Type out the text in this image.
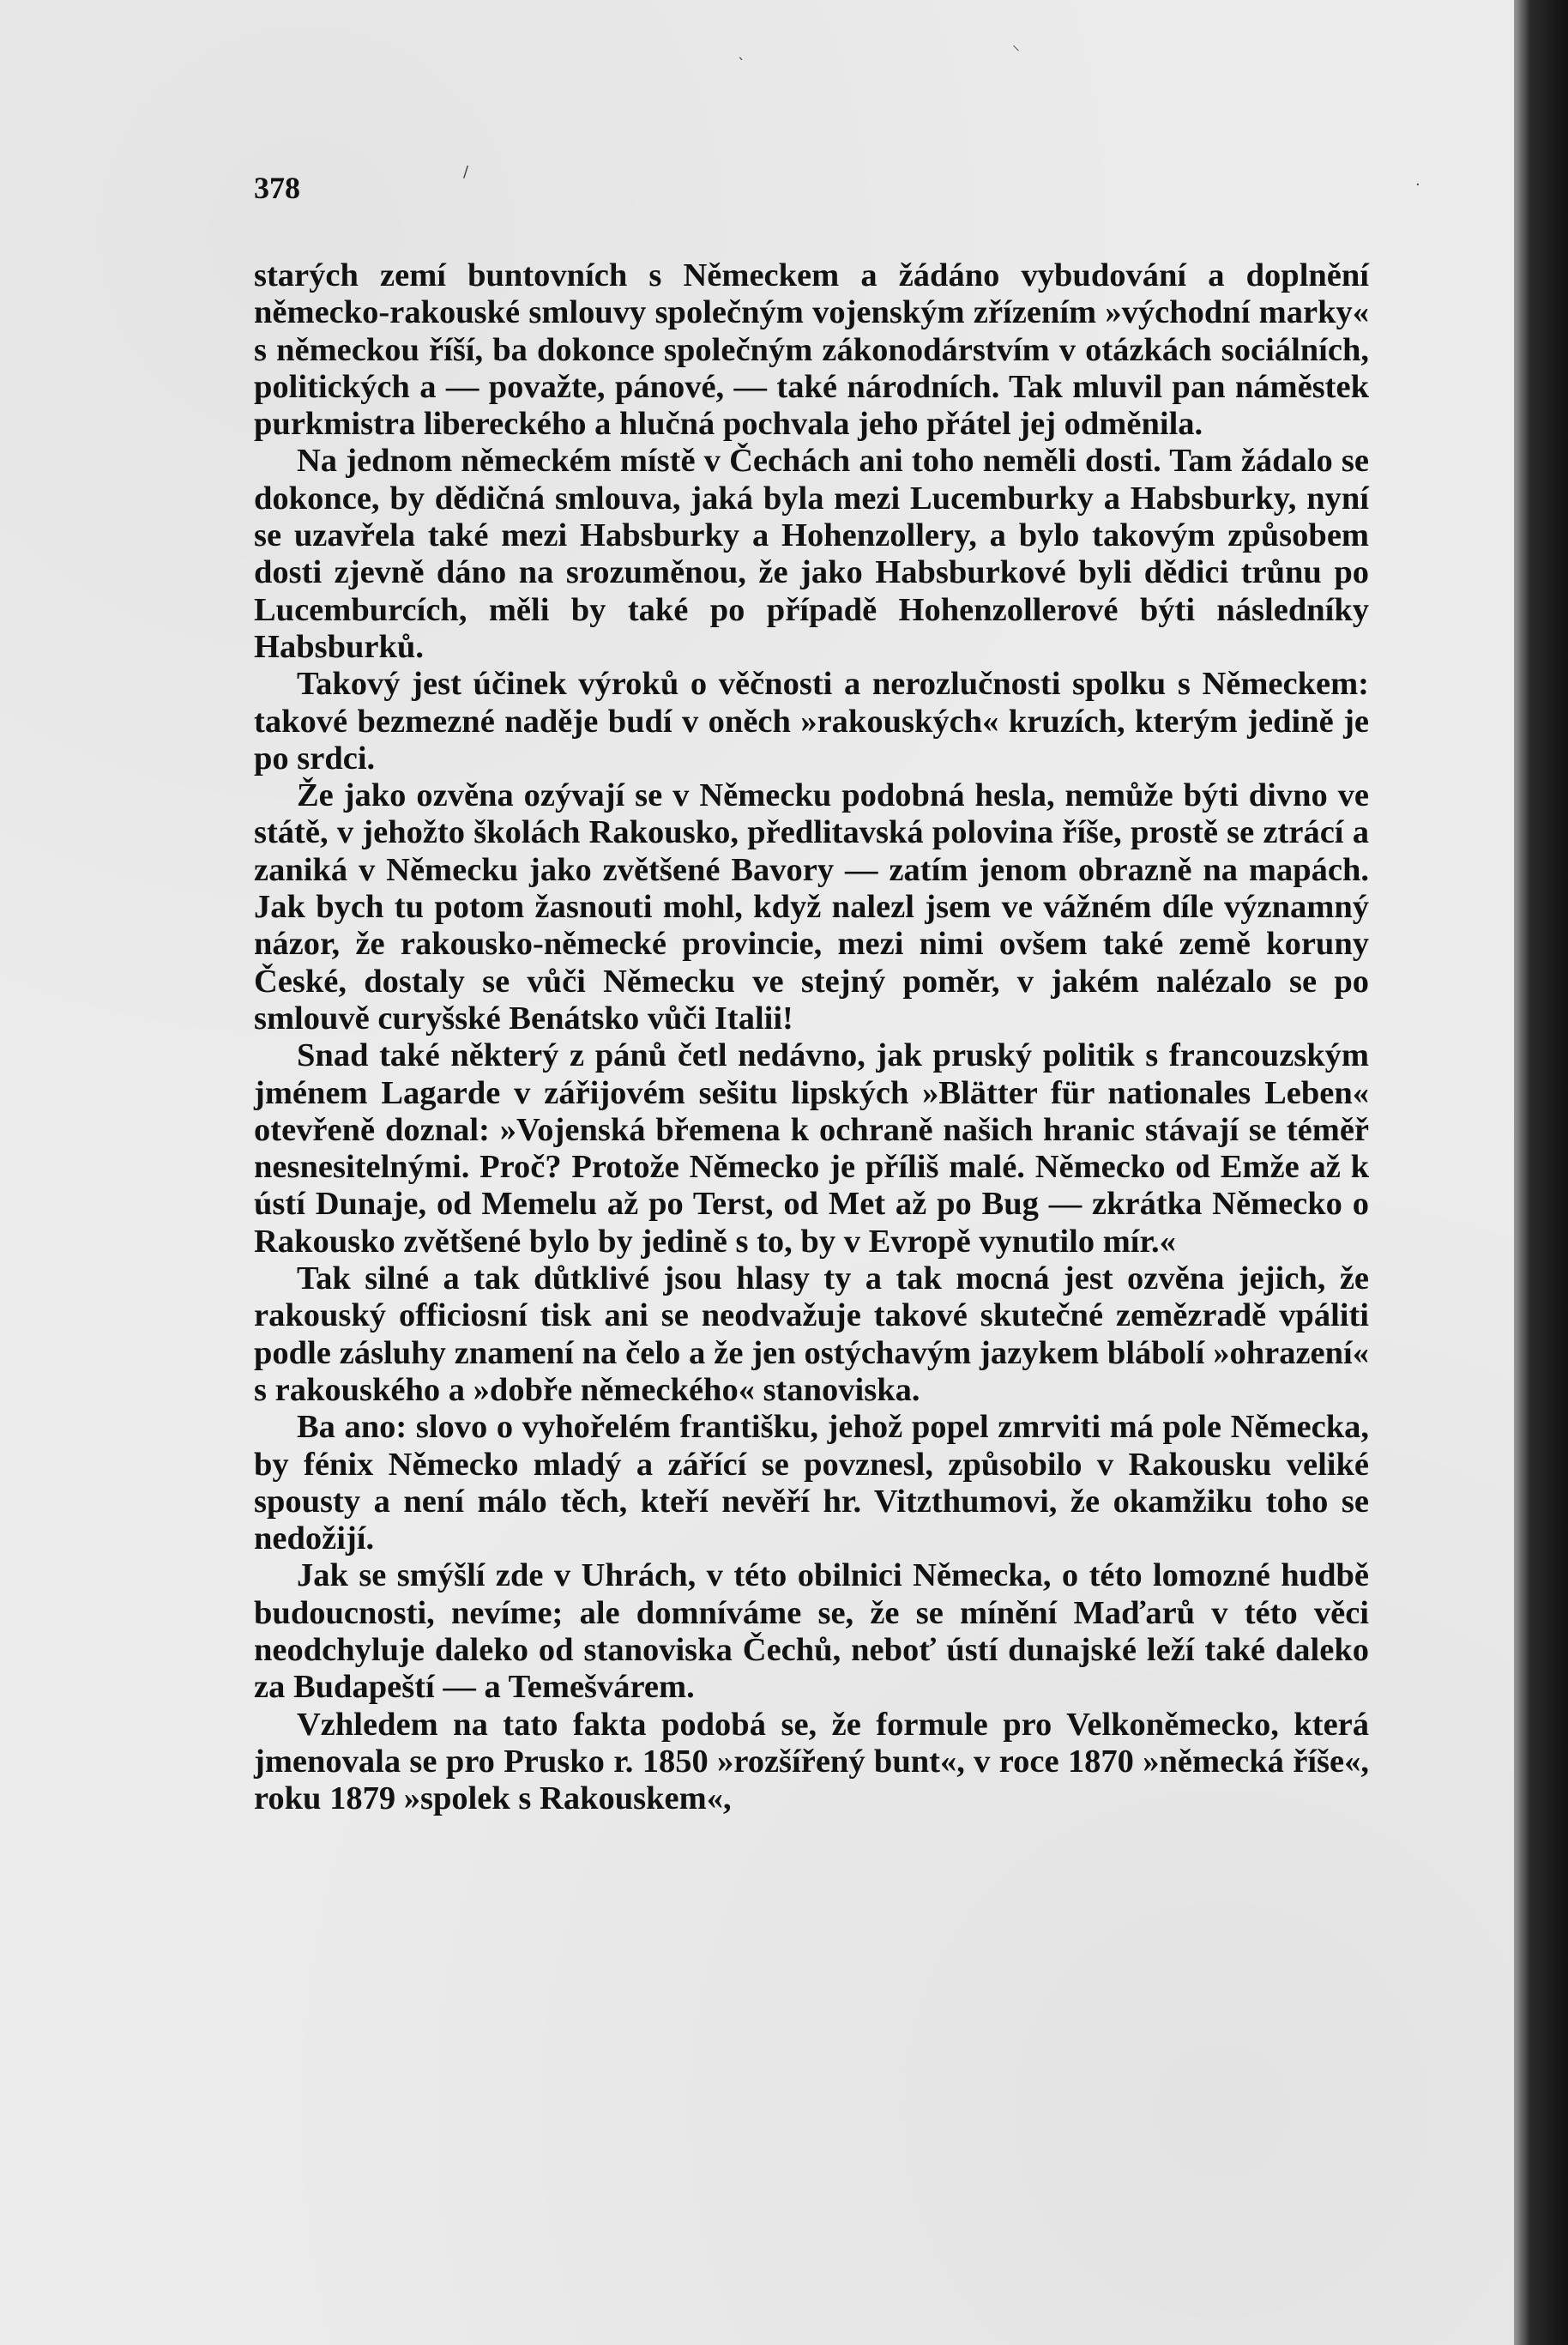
ˎ	⸜
/
·

378

starých zemí buntovních s Německem a žádáno vybudování a doplnění německo-rakouské smlouvy společným vojenským zřízením »východní marky« s německou říší, ba dokonce společným zákonodárstvím v otázkách sociálních, politických a — považte, pánové, — také národních. Tak mluvil pan náměstek purkmistra libereckého a hlučná pochvala jeho přátel jej odměnila.

Na jednom německém místě v Čechách ani toho neměli dosti. Tam žádalo se dokonce, by dědičná smlouva, jaká byla mezi Lucemburky a Habsburky, nyní se uzavřela také mezi Habsburky a Hohenzollery, a bylo takovým způsobem dosti zjevně dáno na srozuměnou, že jako Habsburkové byli dědici trůnu po Lucemburcích, měli by také po případě Hohenzollerové býti následníky Habsburků.

Takový jest účinek výroků o věčnosti a nerozlučnosti spolku s Německem: takové bezmezné naděje budí v oněch »rakouských« kruzích, kterým jedině je po srdci.

Že jako ozvěna ozývají se v Německu podobná hesla, nemůže býti divno ve státě, v jehožto školách Rakousko, předlitavská polovina říše, prostě se ztrácí a zaniká v Německu jako zvětšené Bavory — zatím jenom obrazně na mapách. Jak bych tu potom žasnouti mohl, když nalezl jsem ve vážném díle významný názor, že rakousko-německé provincie, mezi nimi ovšem také země koruny České, dostaly se vůči Německu ve stejný poměr, v jakém nalézalo se po smlouvě curyšské Benátsko vůči Italii!

Snad také některý z pánů četl nedávno, jak pruský politik s francouzským jménem Lagarde v zářijovém sešitu lipských »Blätter für nationales Leben« otevřeně doznal: »Vojenská břemena k ochraně našich hranic stávají se téměř nesnesitelnými. Proč? Protože Německo je příliš malé. Německo od Emže až k ústí Dunaje, od Memelu až po Terst, od Met až po Bug — zkrátka Německo o Rakousko zvětšené bylo by jedině s to, by v Evropě vynutilo mír.«

Tak silné a tak důtklivé jsou hlasy ty a tak mocná jest ozvěna jejich, že rakouský officiosní tisk ani se neodvažuje takové skutečné zemězradě vpáliti podle zásluhy znamení na čelo a že jen ostýchavým jazykem blábolí »ohrazení« s rakouského a »dobře německého« stanoviska.

Ba ano: slovo o vyhořelém františku, jehož popel zmrviti má pole Německa, by fénix Německo mladý a zářící se povznesl, způsobilo v Rakousku veliké spousty a není málo těch, kteří nevěří hr. Vitzthumovi, že okamžiku toho se nedožijí.

Jak se smýšlí zde v Uhrách, v této obilnici Německa, o této lomozné hudbě budoucnosti, nevíme; ale domníváme se, že se mínění Maďarů v této věci neodchyluje daleko od stanoviska Čechů, neboť ústí dunajské leží také daleko za Budapeští — a Temešvárem.

Vzhledem na tato fakta podobá se, že formule pro Velkoněmecko, která jmenovala se pro Prusko r. 1850 »rozšířený bunt«, v roce 1870 »německá říše«, roku 1879 »spolek s Rakouskem«,
